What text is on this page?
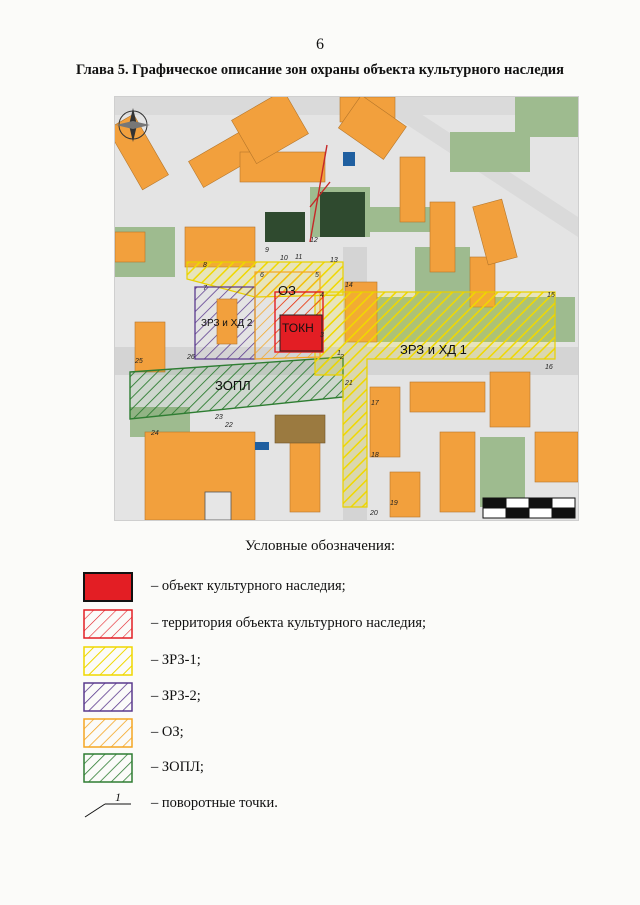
6
Глава 5. Графическое описание зон охраны объекта культурного наследия
ОЗ
ТОКН
ЗРЗ и ХД 2
ЗРЗ и ХД 1
ЗОПЛ
1
2
3
4
5
6
7
8
9
10 11
12
13
14
15
16
17
18
19
20
21
22
23
24
25
26
Условные обозначения:
– объект культурного наследия;
– территория объекта культурного наследия;
– ЗРЗ-1;
– ЗРЗ-2;
– ОЗ;
– ЗОПЛ;
1 – поворотные точки.
